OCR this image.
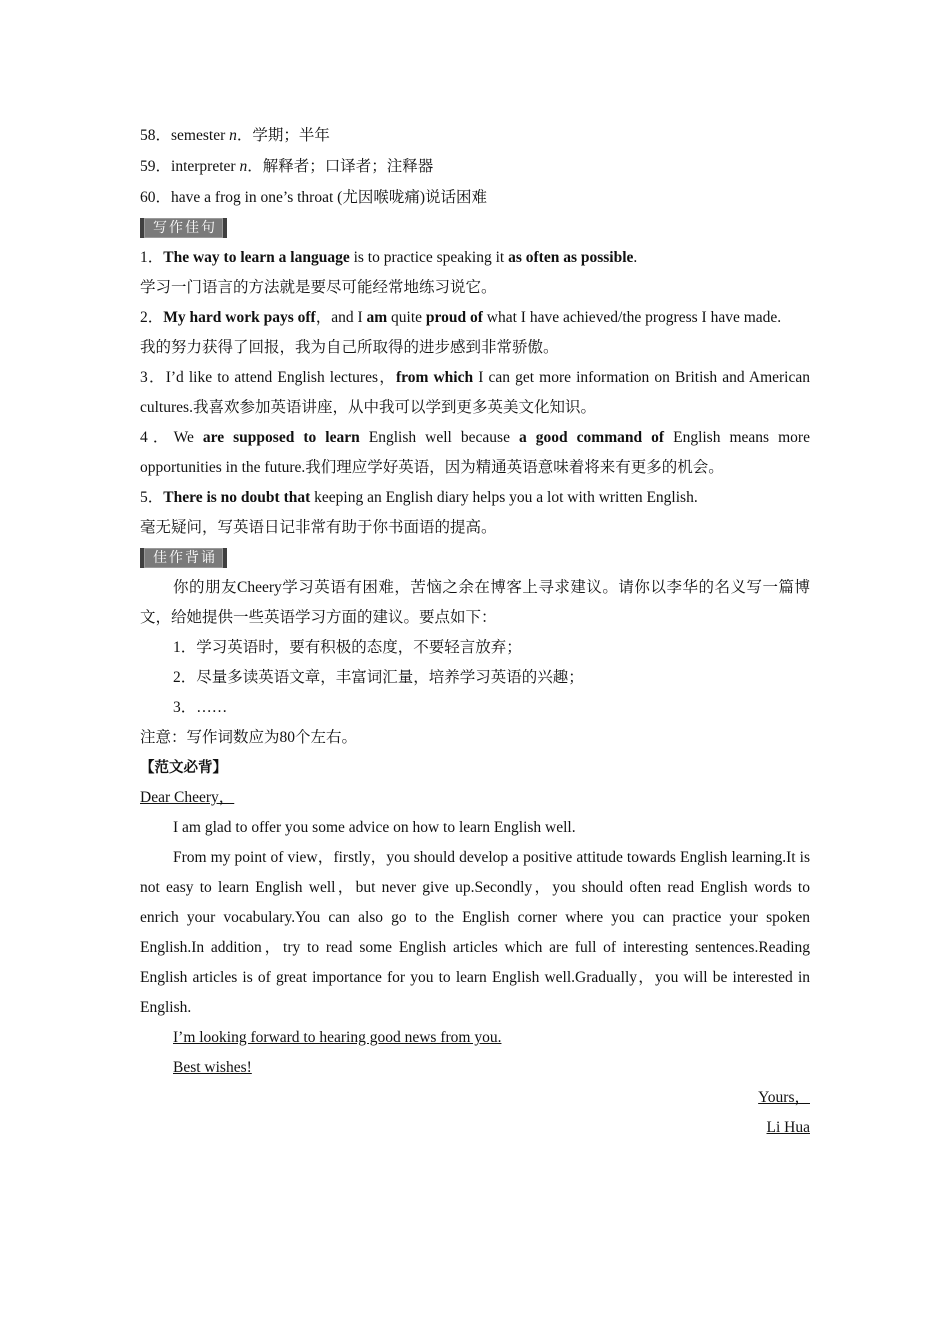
58．semester n．学期；半年

59．interpreter n．解释者；口译者；注释器

60．have a frog in one’s throat (尤因喉咙痛)说话困难

写作佳句

1．The way to learn a language is to practice speaking it as often as possible.

学习一门语言的方法就是要尽可能经常地练习说它。

2．My hard work pays off，and I am quite proud of what I have achieved/the progress I have made.

我的努力获得了回报，我为自己所取得的进步感到非常骄傲。

3．I’d like to attend English lectures，from which I can get more information on British and American cultures.我喜欢参加英语讲座，从中我可以学到更多英美文化知识。

4．We are supposed to learn English well because a good command of English means more opportunities in the future.我们理应学好英语，因为精通英语意味着将来有更多的机会。

5．There is no doubt that keeping an English diary helps you a lot with written English.

毫无疑问，写英语日记非常有助于你书面语的提高。

佳作背诵

你的朋友Cheery学习英语有困难，苦恼之余在博客上寻求建议。请你以李华的名义写一篇博文，给她提供一些英语学习方面的建议。要点如下：

1．学习英语时，要有积极的态度，不要轻言放弃；

2．尽量多读英语文章，丰富词汇量，培养学习英语的兴趣；

3．……

注意：写作词数应为80个左右。

【范文必背】

Dear Cheery，

I am glad to offer you some advice on how to learn English well.

From my point of view，firstly，you should develop a positive attitude towards English learning.It is not easy to learn English well，but never give up.Secondly，you should often read English words to enrich your vocabulary.You can also go to the English corner where you can practice your spoken English.In addition，try to read some English articles which are full of interesting sentences.Reading English articles is of great importance for you to learn English well.Gradually，you will be interested in English.

I’m looking forward to hearing good news from you.

Best wishes!

Yours，

Li Hua
